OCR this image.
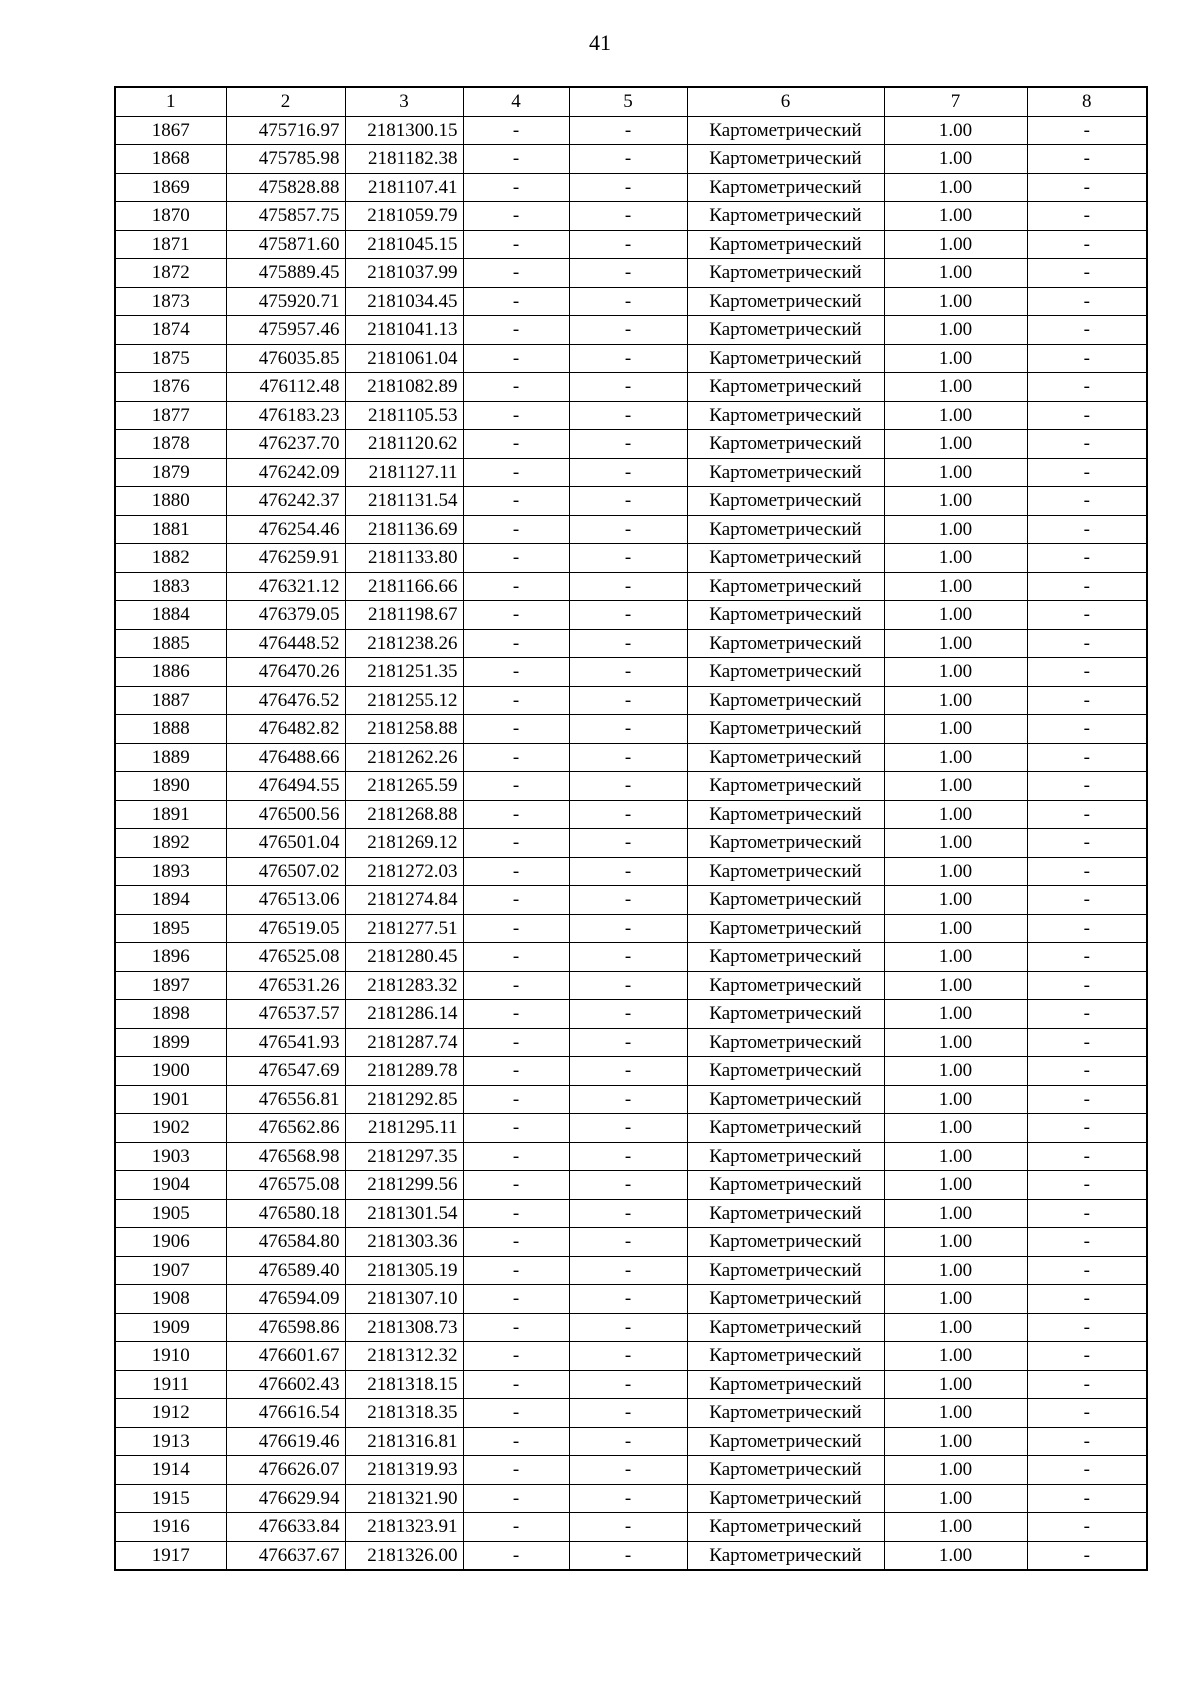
41
1	2	3	4	5	6	7	8
1867	475716.97	2181300.15	-	-	Картометрический	1.00	-
1868	475785.98	2181182.38	-	-	Картометрический	1.00	-
1869	475828.88	2181107.41	-	-	Картометрический	1.00	-
1870	475857.75	2181059.79	-	-	Картометрический	1.00	-
1871	475871.60	2181045.15	-	-	Картометрический	1.00	-
1872	475889.45	2181037.99	-	-	Картометрический	1.00	-
1873	475920.71	2181034.45	-	-	Картометрический	1.00	-
1874	475957.46	2181041.13	-	-	Картометрический	1.00	-
1875	476035.85	2181061.04	-	-	Картометрический	1.00	-
1876	476112.48	2181082.89	-	-	Картометрический	1.00	-
1877	476183.23	2181105.53	-	-	Картометрический	1.00	-
1878	476237.70	2181120.62	-	-	Картометрический	1.00	-
1879	476242.09	2181127.11	-	-	Картометрический	1.00	-
1880	476242.37	2181131.54	-	-	Картометрический	1.00	-
1881	476254.46	2181136.69	-	-	Картометрический	1.00	-
1882	476259.91	2181133.80	-	-	Картометрический	1.00	-
1883	476321.12	2181166.66	-	-	Картометрический	1.00	-
1884	476379.05	2181198.67	-	-	Картометрический	1.00	-
1885	476448.52	2181238.26	-	-	Картометрический	1.00	-
1886	476470.26	2181251.35	-	-	Картометрический	1.00	-
1887	476476.52	2181255.12	-	-	Картометрический	1.00	-
1888	476482.82	2181258.88	-	-	Картометрический	1.00	-
1889	476488.66	2181262.26	-	-	Картометрический	1.00	-
1890	476494.55	2181265.59	-	-	Картометрический	1.00	-
1891	476500.56	2181268.88	-	-	Картометрический	1.00	-
1892	476501.04	2181269.12	-	-	Картометрический	1.00	-
1893	476507.02	2181272.03	-	-	Картометрический	1.00	-
1894	476513.06	2181274.84	-	-	Картометрический	1.00	-
1895	476519.05	2181277.51	-	-	Картометрический	1.00	-
1896	476525.08	2181280.45	-	-	Картометрический	1.00	-
1897	476531.26	2181283.32	-	-	Картометрический	1.00	-
1898	476537.57	2181286.14	-	-	Картометрический	1.00	-
1899	476541.93	2181287.74	-	-	Картометрический	1.00	-
1900	476547.69	2181289.78	-	-	Картометрический	1.00	-
1901	476556.81	2181292.85	-	-	Картометрический	1.00	-
1902	476562.86	2181295.11	-	-	Картометрический	1.00	-
1903	476568.98	2181297.35	-	-	Картометрический	1.00	-
1904	476575.08	2181299.56	-	-	Картометрический	1.00	-
1905	476580.18	2181301.54	-	-	Картометрический	1.00	-
1906	476584.80	2181303.36	-	-	Картометрический	1.00	-
1907	476589.40	2181305.19	-	-	Картометрический	1.00	-
1908	476594.09	2181307.10	-	-	Картометрический	1.00	-
1909	476598.86	2181308.73	-	-	Картометрический	1.00	-
1910	476601.67	2181312.32	-	-	Картометрический	1.00	-
1911	476602.43	2181318.15	-	-	Картометрический	1.00	-
1912	476616.54	2181318.35	-	-	Картометрический	1.00	-
1913	476619.46	2181316.81	-	-	Картометрический	1.00	-
1914	476626.07	2181319.93	-	-	Картометрический	1.00	-
1915	476629.94	2181321.90	-	-	Картометрический	1.00	-
1916	476633.84	2181323.91	-	-	Картометрический	1.00	-
1917	476637.67	2181326.00	-	-	Картометрический	1.00	-
